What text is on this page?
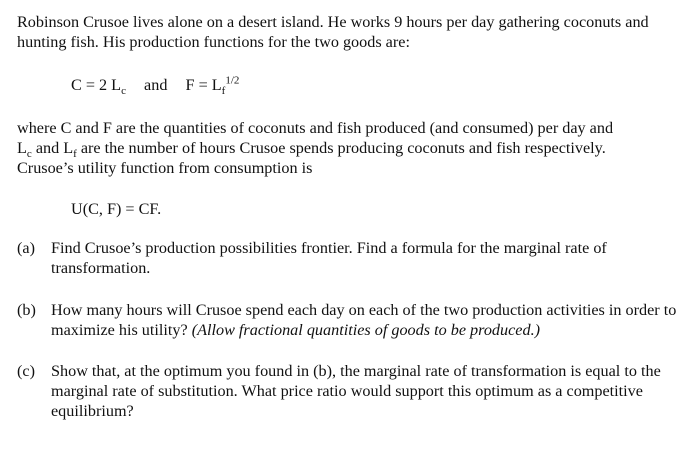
Robinson Crusoe lives alone on a desert island. He works 9 hours per day gathering coconuts and hunting fish. His production functions for the two goods are:

C = 2 $L_c$ and $F = L_f^{1/2}$
where C and F are the quantities of coconuts and fish produced (and consumed) per day and
$L_c$ and $L_f$ are the number of hours Crusoe spends producing coconuts and fish respectively.
Crusoe’s utility function from consumption is
U(C, F) = CF.
(a) Find Crusoe’s production possibilities frontier. Find a formula for the marginal rate of transformation.

(b) How many hours will Crusoe spend each day on each of the two production activities in order to maximize his utility? (Allow fractional quantities of goods to be produced.)

(c) Show that, at the optimum you found in (b), the marginal rate of transformation is equal to the marginal rate of substitution. What price ratio would support this optimum as a competitive equilibrium?
